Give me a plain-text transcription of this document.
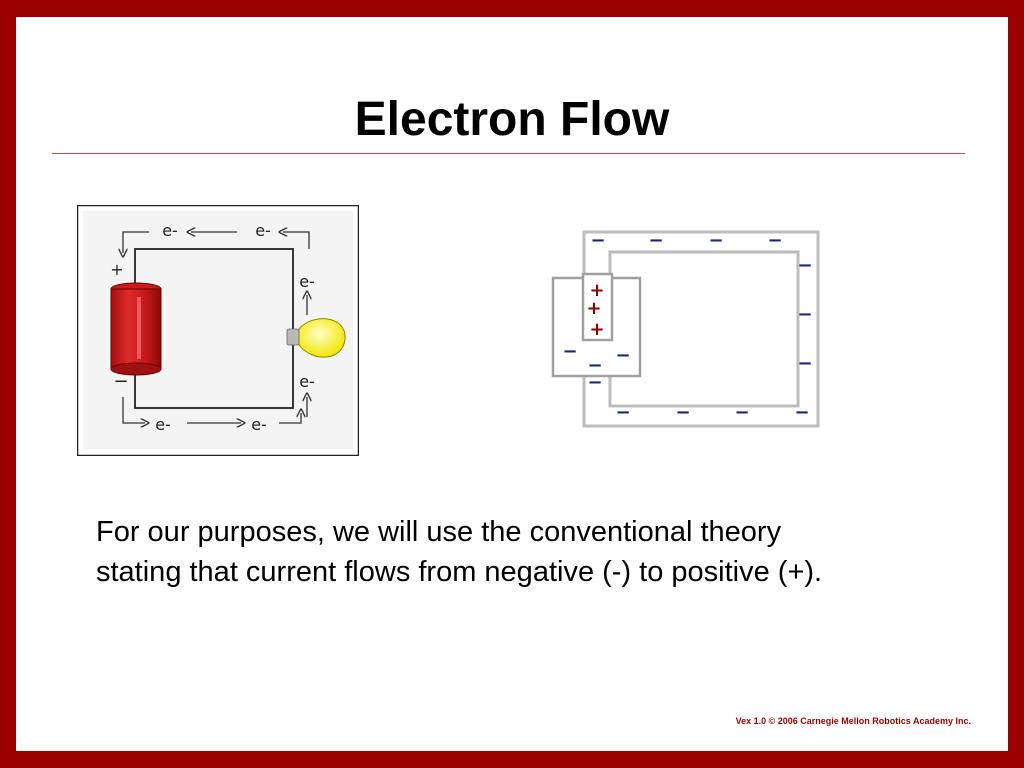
Electron Flow
+
−
e-	e-
e-
e-
e-	e-
+
+
+
− − − −
−
−
−
− −
−
−
− − − −

For our purposes, we will use the conventional theory stating that current flows from negative (-) to positive (+).

Vex 1.0 © 2006 Carnegie Mellon Robotics Academy Inc.
